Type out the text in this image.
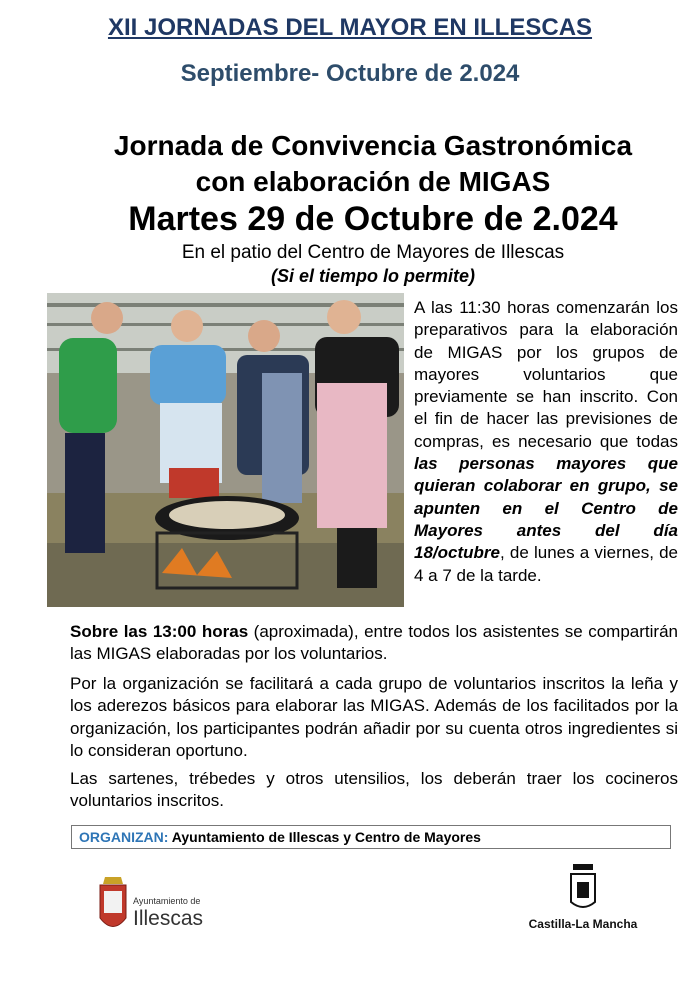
XII JORNADAS DEL MAYOR EN ILLESCAS
Septiembre- Octubre de 2.024
Jornada de Convivencia Gastronómica
con elaboración de MIGAS
Martes 29 de Octubre de 2.024
En el patio del Centro de Mayores de Illescas
(Si el tiempo lo permite)
A las 11:30 horas comenzarán los preparativos para la elaboración de MIGAS por los grupos de mayores voluntarios que previamente se han inscrito. Con el fin de hacer las previsiones de compras, es necesario que todas las personas mayores que quieran colaborar en grupo, se apunten en el Centro de Mayores antes del día 18/octubre, de lunes a viernes, de 4 a 7 de la tarde.
Sobre las 13:00 horas (aproximada), entre todos los asistentes se compartirán las MIGAS elaboradas por los voluntarios.
Por la organización se facilitará a cada grupo de voluntarios inscritos la leña y los aderezos básicos para elaborar las MIGAS. Además de los facilitados por la organización, los participantes podrán añadir por su cuenta otros ingredientes si lo consideran oportuno.
Las sartenes, trébedes y otros utensilios, los deberán traer los cocineros voluntarios inscritos.
ORGANIZAN: Ayuntamiento de Illescas y Centro de Mayores
Ayuntamiento de
Illescas	Castilla-La Mancha
